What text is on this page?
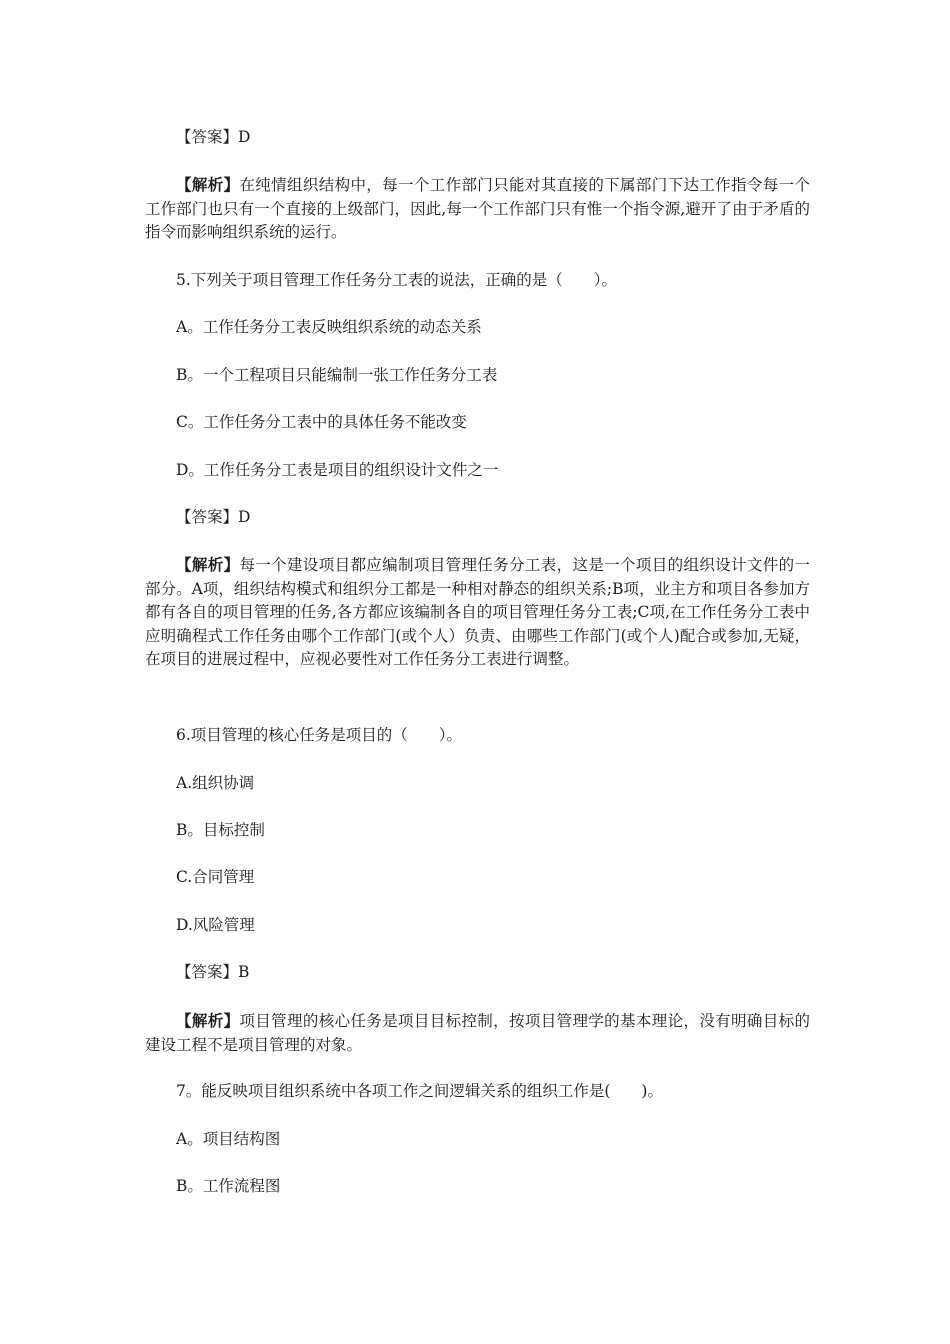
【答案】D

【解析】在纯情组织结构中，每一个工作部门只能对其直接的下属部门下达工作指令每一个工作部门也只有一个直接的上级部门，因此,每一个工作部门只有惟一个指令源,避开了由于矛盾的指令而影响组织系统的运行。

5.下列关于项目管理工作任务分工表的说法，正确的是（　　）。

A。工作任务分工表反映组织系统的动态关系

B。一个工程项目只能编制一张工作任务分工表

C。工作任务分工表中的具体任务不能改变

D。工作任务分工表是项目的组织设计文件之一

【答案】D

【解析】每一个建设项目都应编制项目管理任务分工表，这是一个项目的组织设计文件的一部分。A项，组织结构模式和组织分工都是一种相对静态的组织关系;B项，业主方和项目各参加方都有各自的项目管理的任务,各方都应该编制各自的项目管理任务分工表;C项,在工作任务分工表中应明确程式工作任务由哪个工作部门(或个人）负责、由哪些工作部门(或个人)配合或参加,无疑，在项目的进展过程中，应视必要性对工作任务分工表进行调整。

6.项目管理的核心任务是项目的（　　）。

A.组织协调

B。目标控制

C.合同管理

D.风险管理

【答案】B

【解析】项目管理的核心任务是项目目标控制，按项目管理学的基本理论，没有明确目标的建设工程不是项目管理的对象。

7。能反映项目组织系统中各项工作之间逻辑关系的组织工作是(　　)。

A。项目结构图

B。工作流程图
